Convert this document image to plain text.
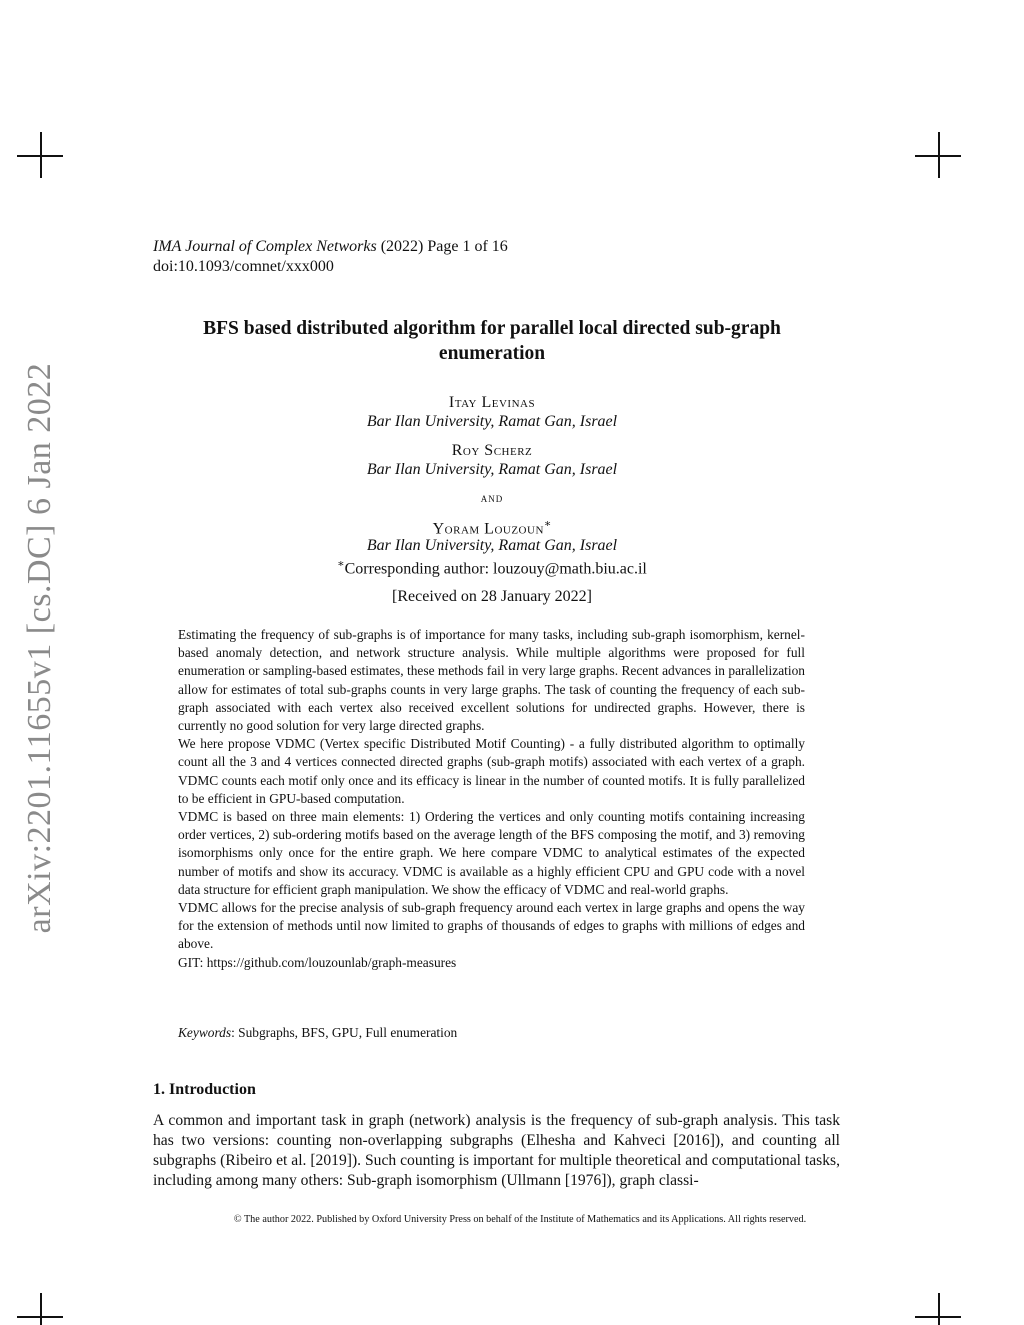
arXiv:2201.11655v1 [cs.DC] 6 Jan 2022
IMA Journal of Complex Networks (2022) Page 1 of 16
doi:10.1093/comnet/xxx000
BFS based distributed algorithm for parallel local directed sub-graph enumeration
Itay Levinas
Bar Ilan University, Ramat Gan, Israel
Roy Scherz
Bar Ilan University, Ramat Gan, Israel
and
Yoram Louzoun∗
Bar Ilan University, Ramat Gan, Israel
∗Corresponding author: louzouy@math.biu.ac.il
[Received on 28 January 2022]

Estimating the frequency of sub-graphs is of importance for many tasks, including sub-graph isomorphism, kernel-based anomaly detection, and network structure analysis. While multiple algorithms were proposed for full enumeration or sampling-based estimates, these methods fail in very large graphs. Recent advances in parallelization allow for estimates of total sub-graphs counts in very large graphs. The task of counting the frequency of each sub-graph associated with each vertex also received excellent solutions for undirected graphs. However, there is currently no good solution for very large directed graphs.

We here propose VDMC (Vertex specific Distributed Motif Counting) - a fully distributed algorithm to optimally count all the 3 and 4 vertices connected directed graphs (sub-graph motifs) associated with each vertex of a graph. VDMC counts each motif only once and its efficacy is linear in the number of counted motifs. It is fully parallelized to be efficient in GPU-based computation.

VDMC is based on three main elements: 1) Ordering the vertices and only counting motifs containing increasing order vertices, 2) sub-ordering motifs based on the average length of the BFS composing the motif, and 3) removing isomorphisms only once for the entire graph. We here compare VDMC to analytical estimates of the expected number of motifs and show its accuracy. VDMC is available as a highly efficient CPU and GPU code with a novel data structure for efficient graph manipulation. We show the efficacy of VDMC and real-world graphs.

VDMC allows for the precise analysis of sub-graph frequency around each vertex in large graphs and opens the way for the extension of methods until now limited to graphs of thousands of edges to graphs with millions of edges and above.

GIT: https://github.com/louzounlab/graph-measures

Keywords: Subgraphs, BFS, GPU, Full enumeration
1. Introduction

A common and important task in graph (network) analysis is the frequency of sub-graph analysis. This task has two versions: counting non-overlapping subgraphs (Elhesha and Kahveci [2016]), and counting all subgraphs (Ribeiro et al. [2019]). Such counting is important for multiple theoretical and computational tasks, including among many others: Sub-graph isomorphism (Ullmann [1976]), graph classi-

© The author 2022. Published by Oxford University Press on behalf of the Institute of Mathematics and its Applications. All rights reserved.
